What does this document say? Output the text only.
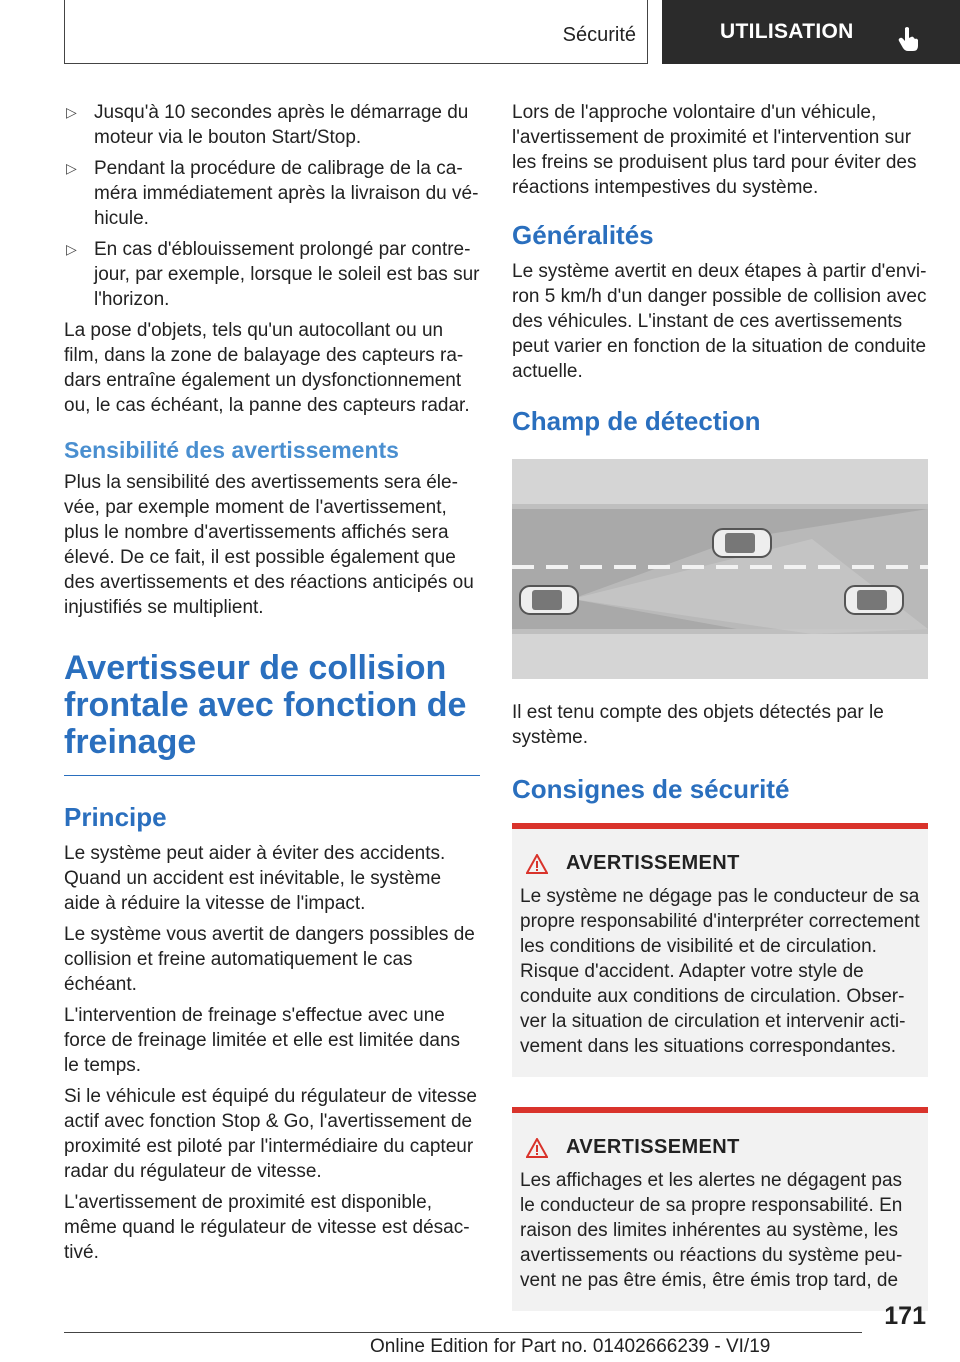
Sécurité	UTILISATION
▷ Jusqu'à 10 secondes après le démarrage du moteur via le bouton Start/Stop.
▷ Pendant la procédure de calibrage de la caméra immédiatement après la livraison du véhicule.
▷ En cas d'éblouissement prolongé par contre-jour, par exemple, lorsque le soleil est bas sur l'horizon.

La pose d'objets, tels qu'un autocollant ou un film, dans la zone de balayage des capteurs radars entraîne également un dysfonctionnement ou, le cas échéant, la panne des capteurs radar.

Sensibilité des avertissements

Plus la sensibilité des avertissements sera élevée, par exemple moment de l'avertissement, plus le nombre d'avertissements affichés sera élevé. De ce fait, il est possible également que des avertissements et des réactions anticipés ou injustifiés se multiplient.

Avertisseur de collision frontale avec fonction de freinage
Principe

Le système peut aider à éviter des accidents. Quand un accident est inévitable, le système aide à réduire la vitesse de l'impact.

Le système vous avertit de dangers possibles de collision et freine automatiquement le cas échéant.

L'intervention de freinage s'effectue avec une force de freinage limitée et elle est limitée dans le temps.

Si le véhicule est équipé du régulateur de vitesse actif avec fonction Stop & Go, l'avertissement de proximité est piloté par l'intermédiaire du capteur radar du régulateur de vitesse.

L'avertissement de proximité est disponible, même quand le régulateur de vitesse est désactivé.

Lors de l'approche volontaire d'un véhicule, l'avertissement de proximité et l'intervention sur les freins se produisent plus tard pour éviter des réactions intempestives du système.

Généralités

Le système avertit en deux étapes à partir d'environ 5 km/h d'un danger possible de collision avec des véhicules. L'instant de ces avertissements peut varier en fonction de la situation de conduite actuelle.

Champ de détection

Il est tenu compte des objets détectés par le système.

Consignes de sécurité
AVERTISSEMENT

Le système ne dégage pas le conducteur de sa propre responsabilité d'interpréter correctement les conditions de visibilité et de circulation. Risque d'accident. Adapter votre style de conduite aux conditions de circulation. Observer la situation de circulation et intervenir activement dans les situations correspondantes.

AVERTISSEMENT

Les affichages et les alertes ne dégagent pas le conducteur de sa propre responsabilité. En raison des limites inhérentes au système, les avertissements ou réactions du système peuvent ne pas être émis, être émis trop tard, de

171
Online Edition for Part no. 01402666239 - VI/19
